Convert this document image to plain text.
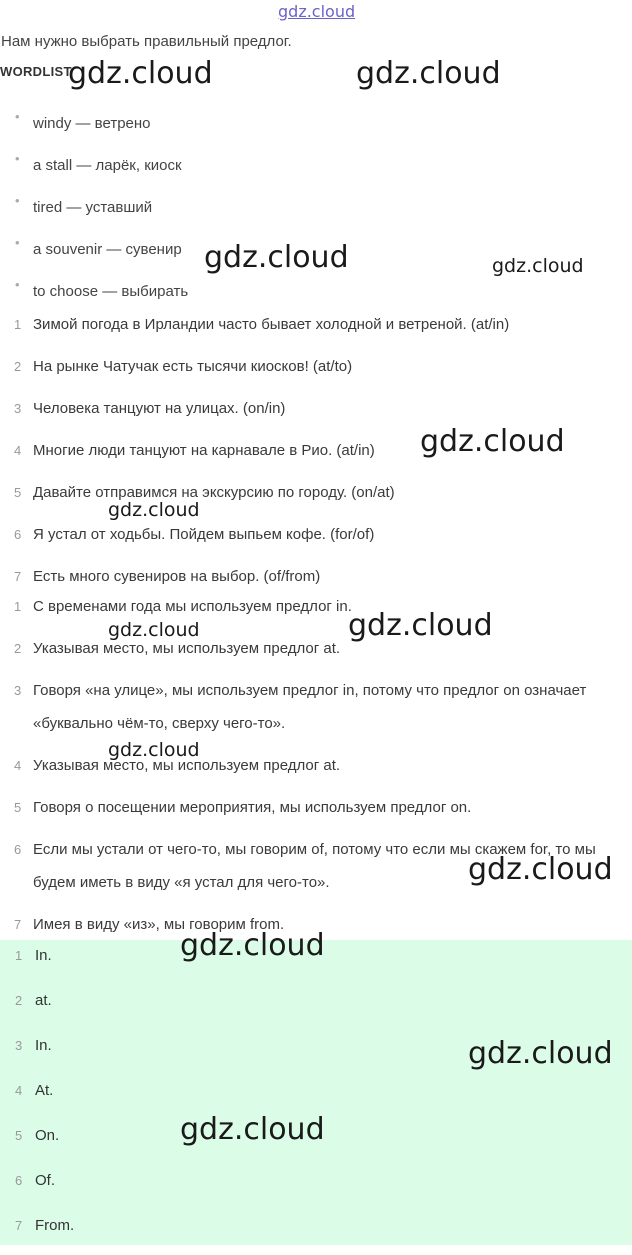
gdz.cloud
Нам нужно выбрать правильный предлог.
WORDLIST
• windy — ветрено
• a stall — ларёк, киоск
• tired — уставший
• a souvenir — сувенир
• to choose — выбирать
1 Зимой погода в Ирландии часто бывает холодной и ветреной. (at/in)
2 На рынке Чатучак есть тысячи киосков! (at/to)
3 Человека танцуют на улицах. (on/in)
4 Многие люди танцуют на карнавале в Рио. (at/in)
5 Давайте отправимся на экскурсию по городу. (on/at)
6 Я устал от ходьбы. Пойдем выпьем кофе. (for/of)
7 Есть много сувениров на выбор. (of/from)
1 С временами года мы используем предлог in.
2 Указывая место, мы используем предлог at.
3 Говоря «на улице», мы используем предлог in, потому что предлог on означает «буквально чём-то, сверху чего-то».
4 Указывая место, мы используем предлог at.
5 Говоря о посещении мероприятия, мы используем предлог on.
6 Если мы устали от чего-то, мы говорим of, потому что если мы скажем for, то мы будем иметь в виду «я устал для чего-то».
7 Имея в виду «из», мы говорим from.
1 In.
2 at.
3 In.
4 At.
5 On.
6 Of.
7 From.
gdz.cloud	gdz.cloud
gdz.cloud	gdz.cloud
gdz.cloud
gdz.cloud
gdz.cloud	gdz.cloud
gdz.cloud
gdz.cloud
gdz.cloud
gdz.cloud
gdz.cloud
